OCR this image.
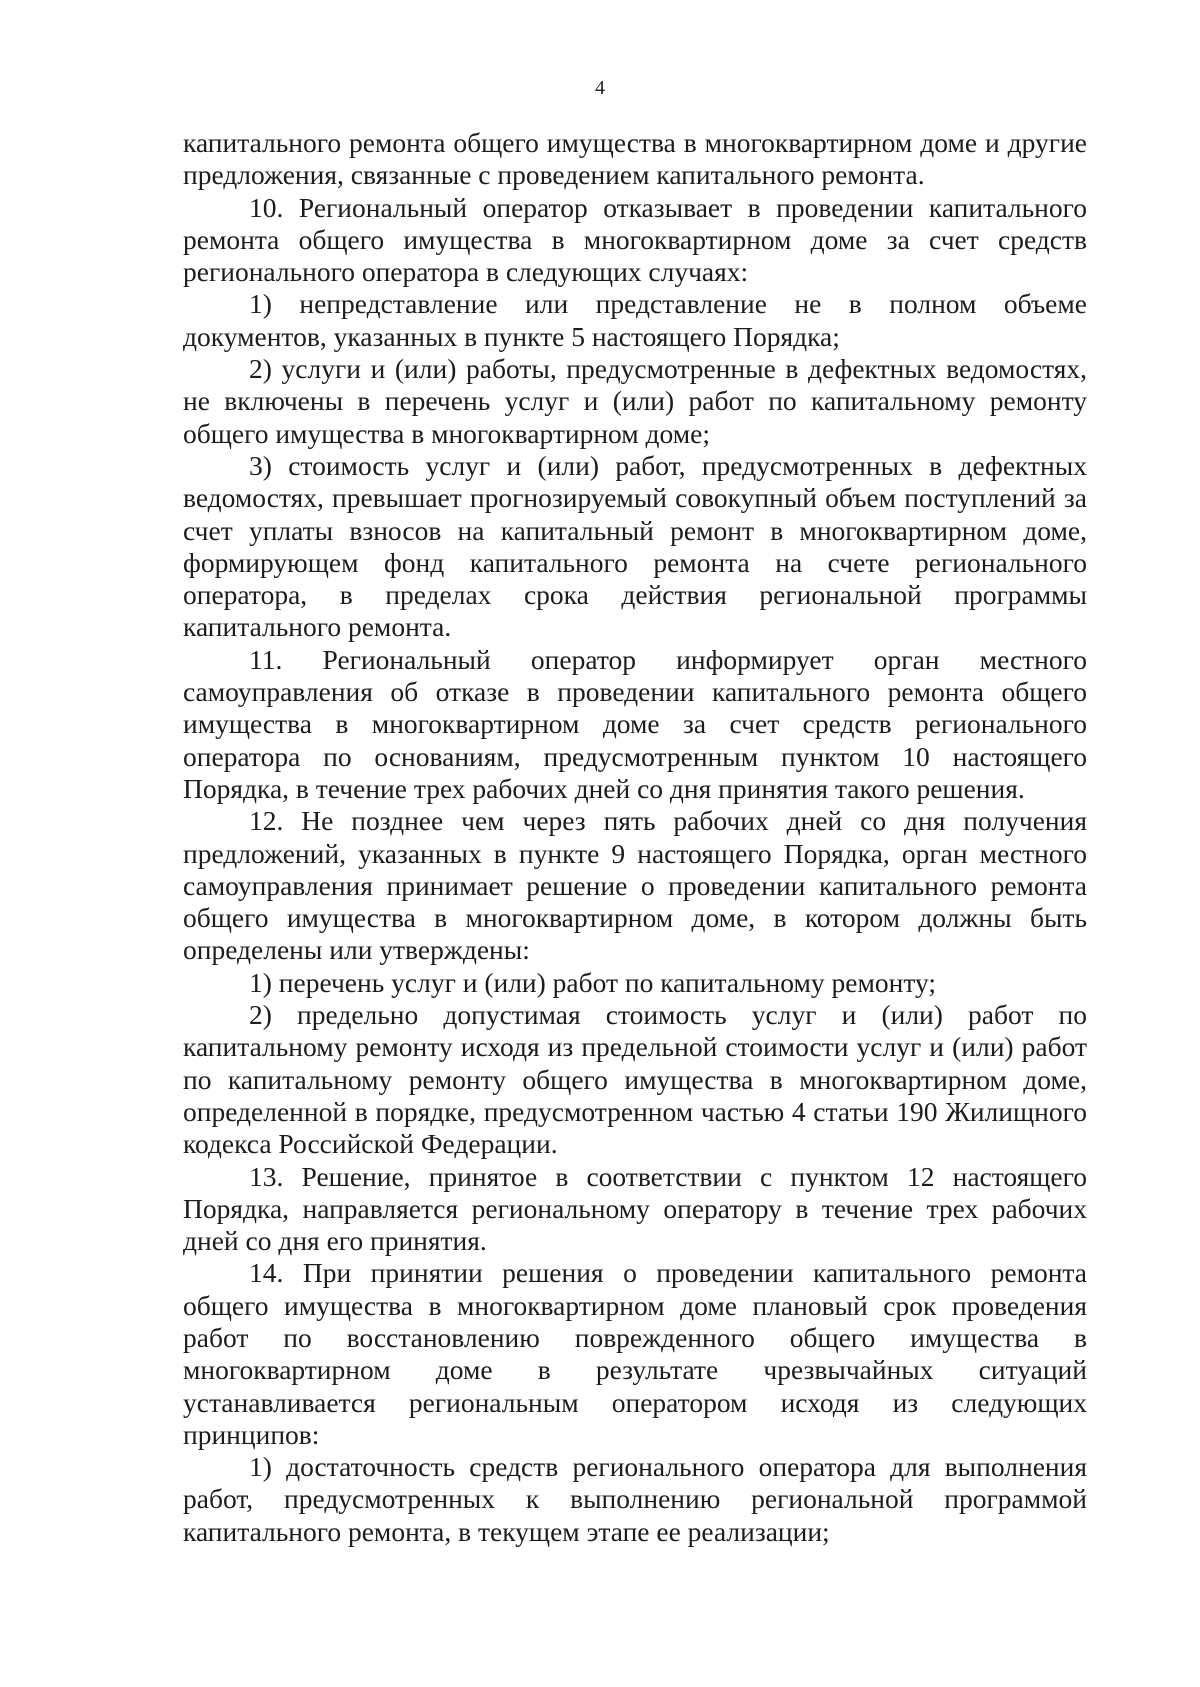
4

капитального ремонта общего имущества в многоквартирном доме и другие предложения, связанные с проведением капитального ремонта.

10. Региональный оператор отказывает в проведении капитального ремонта общего имущества в многоквартирном доме за счет средств регионального оператора в следующих случаях:

1) непредставление или представление не в полном объеме документов, указанных в пункте 5 настоящего Порядка;

2) услуги и (или) работы, предусмотренные в дефектных ведомостях, не включены в перечень услуг и (или) работ по капитальному ремонту общего имущества в многоквартирном доме;

3) стоимость услуг и (или) работ, предусмотренных в дефектных ведомостях, превышает прогнозируемый совокупный объем поступлений за счет уплаты взносов на капитальный ремонт в многоквартирном доме, формирующем фонд капитального ремонта на счете регионального оператора, в пределах срока действия региональной программы капитального ремонта.

11. Региональный оператор информирует орган местного самоуправления об отказе в проведении капитального ремонта общего имущества в многоквартирном доме за счет средств регионального оператора по основаниям, предусмотренным пунктом 10 настоящего Порядка, в течение трех рабочих дней со дня принятия такого решения.

12. Не позднее чем через пять рабочих дней со дня получения предложений, указанных в пункте 9 настоящего Порядка, орган местного самоуправления принимает решение о проведении капитального ремонта общего имущества в многоквартирном доме, в котором должны быть определены или утверждены:

1) перечень услуг и (или) работ по капитальному ремонту;

2) предельно допустимая стоимость услуг и (или) работ по капитальному ремонту исходя из предельной стоимости услуг и (или) работ по капитальному ремонту общего имущества в многоквартирном доме, определенной в порядке, предусмотренном частью 4 статьи 190 Жилищного кодекса Российской Федерации.

13. Решение, принятое в соответствии с пунктом 12 настоящего Порядка, направляется региональному оператору в течение трех рабочих дней со дня его принятия.

14. При принятии решения о проведении капитального ремонта общего имущества в многоквартирном доме плановый срок проведения работ по восстановлению поврежденного общего имущества в многоквартирном доме в результате чрезвычайных ситуаций устанавливается региональным оператором исходя из следующих принципов:

1) достаточность средств регионального оператора для выполнения работ, предусмотренных к выполнению региональной программой капитального ремонта, в текущем этапе ее реализации;
